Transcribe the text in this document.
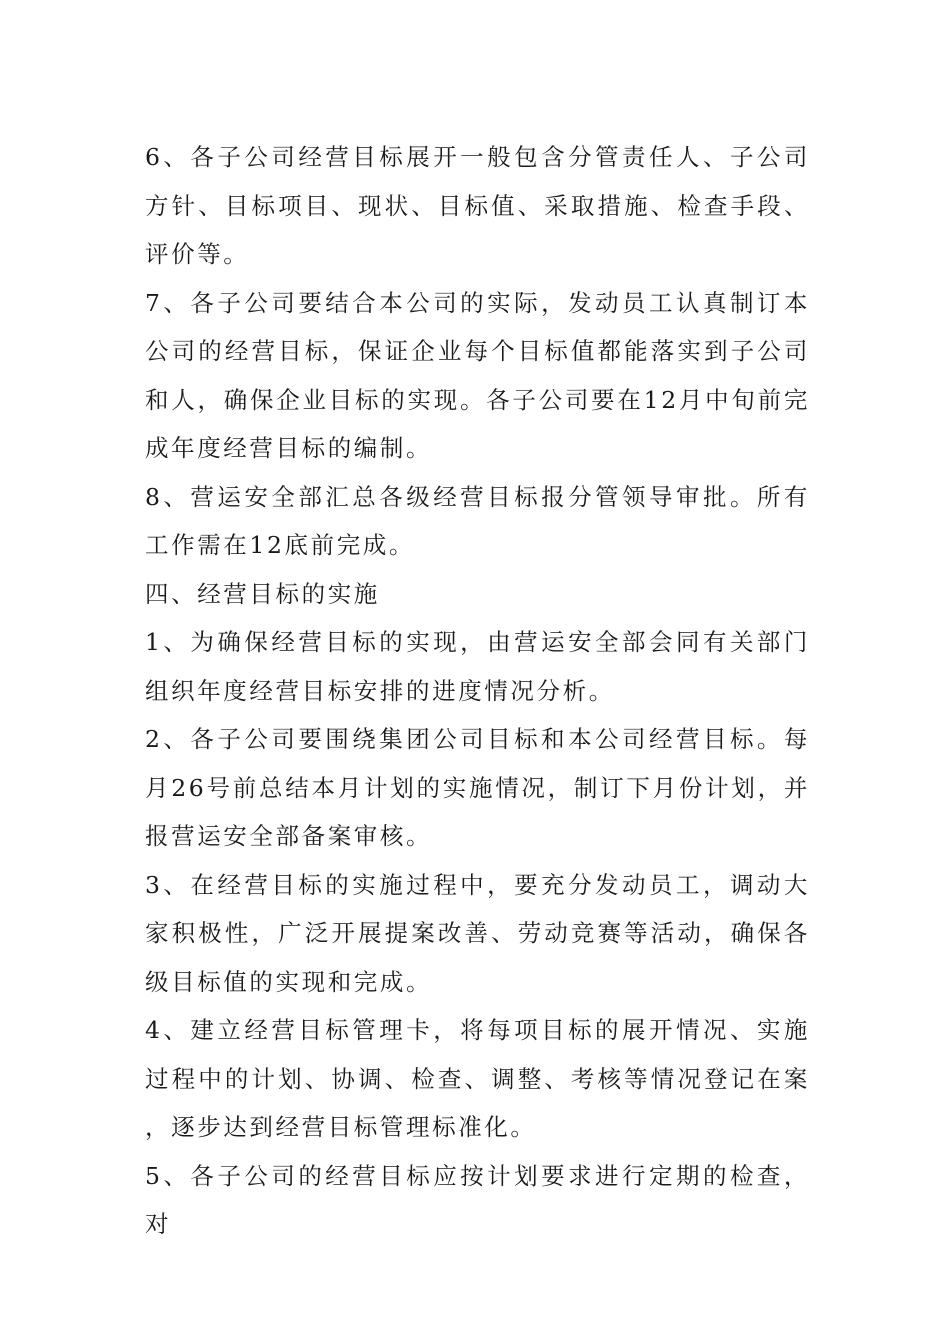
6、各子公司经营目标展开一般包含分管责任人、子公司方针、目标项目、现状、目标值、采取措施、检查手段、评价等。

7、各子公司要结合本公司的实际，发动员工认真制订本公司的经营目标，保证企业每个目标值都能落实到子公司和人，确保企业目标的实现。各子公司要在12月中旬前完成年度经营目标的编制。

8、营运安全部汇总各级经营目标报分管领导审批。所有工作需在12底前完成。

四、经营目标的实施

1、为确保经营目标的实现，由营运安全部会同有关部门组织年度经营目标安排的进度情况分析。

2、各子公司要围绕集团公司目标和本公司经营目标。每月26号前总结本月计划的实施情况，制订下月份计划，并报营运安全部备案审核。

3、在经营目标的实施过程中，要充分发动员工，调动大家积极性，广泛开展提案改善、劳动竞赛等活动，确保各级目标值的实现和完成。

4、建立经营目标管理卡，将每项目标的展开情况、实施过程中的计划、协调、检查、调整、考核等情况登记在案，逐步达到经营目标管理标准化。

5、各子公司的经营目标应按计划要求进行定期的检查，对
